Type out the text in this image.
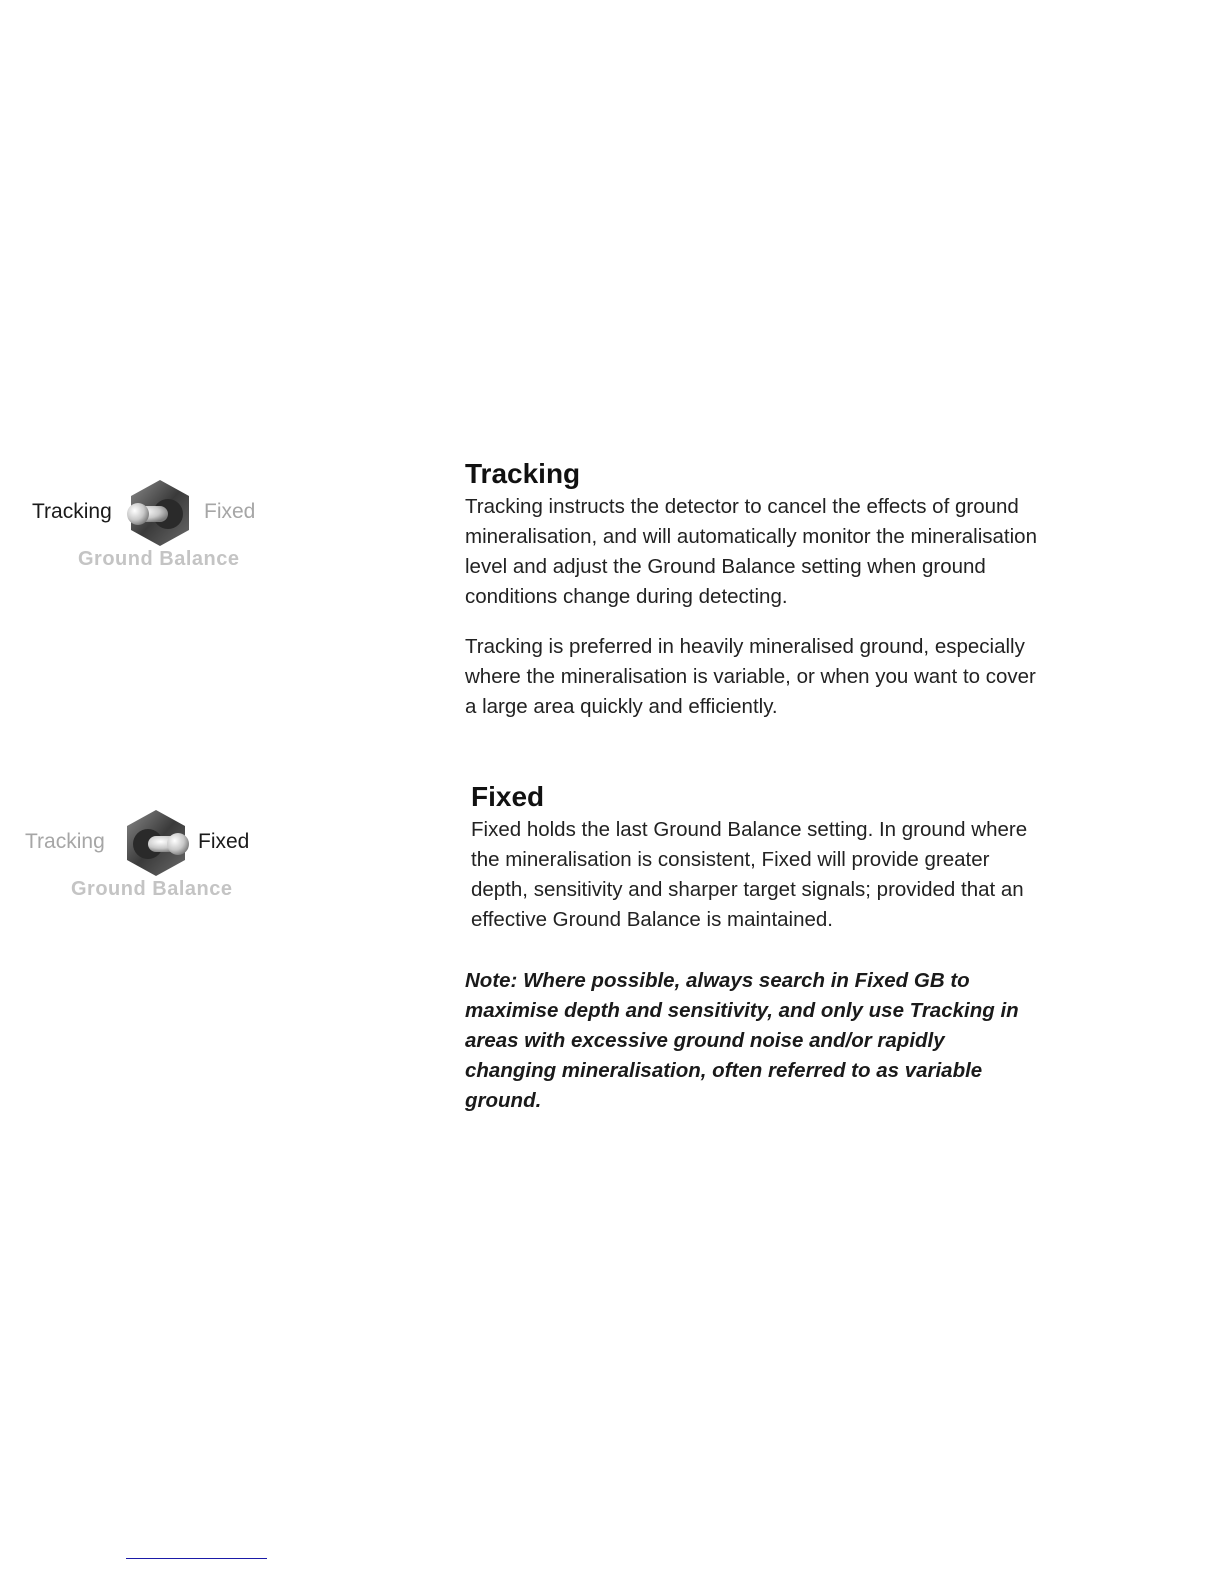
Tracking	Fixed
Ground Balance
Tracking	Fixed
Ground Balance
Tracking

Tracking instructs the detector to cancel the effects of ground mineralisation, and will automatically monitor the mineralisation level and adjust the Ground Balance setting when ground conditions change during detecting.

Tracking is preferred in heavily mineralised ground, especially where the mineralisation is variable, or when you want to cover a large area quickly and efficiently.

Fixed

Fixed holds the last Ground Balance setting. In ground where the mineralisation is consistent, Fixed will provide greater depth, sensitivity and sharper target signals; provided that an effective Ground Balance is maintained.

Note: Where possible, always search in Fixed GB to maximise depth and sensitivity, and only use Tracking in areas with excessive ground noise and/or rapidly changing mineralisation, often referred to as variable ground.
